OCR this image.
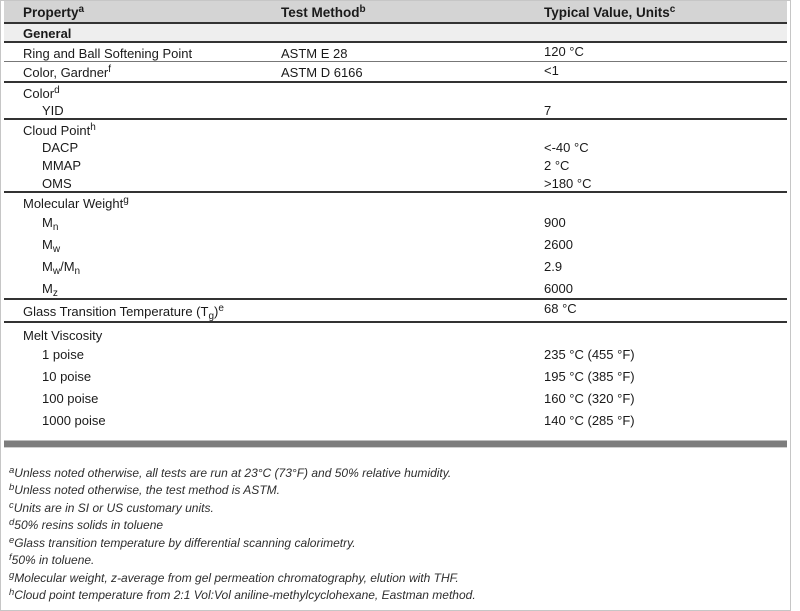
Property$^a$	Test Method$^b$	Typical Value, Units$^c$
General		
Ring and Ball Softening Point	ASTM E 28	120 °C
Color, Gardner$^f$	ASTM D 6166	<1
Color$^d$		
YID		7
Cloud Point$^h$		
DACP		<-40 °C
MMAP		2 °C
OMS		>180 °C
Molecular Weight$^g$		
$M_n$		900
$M_w$		2600
$M_w/M_n$		2.9
$M_z$		6000
Glass Transition Temperature $(T_g)^e$		68 °C
Melt Viscosity		
1 poise		235 °C (455 °F)
10 poise		195 °C (385 °F)
100 poise		160 °C (320 °F)
1000 poise		140 °C (285 °F)

$^a$Unless noted otherwise, all tests are run at 23°C (73°F) and 50% relative humidity.

$^b$Unless noted otherwise, the test method is ASTM.

$^c$Units are in SI or US customary units.

$^d$50% resins solids in toluene

$^e$Glass transition temperature by differential scanning calorimetry.

$^f$50% in toluene.

$^g$Molecular weight, z-average from gel permeation chromatography, elution with THF.

$^h$Cloud point temperature from 2:1 Vol:Vol aniline-methylcyclohexane, Eastman method.
